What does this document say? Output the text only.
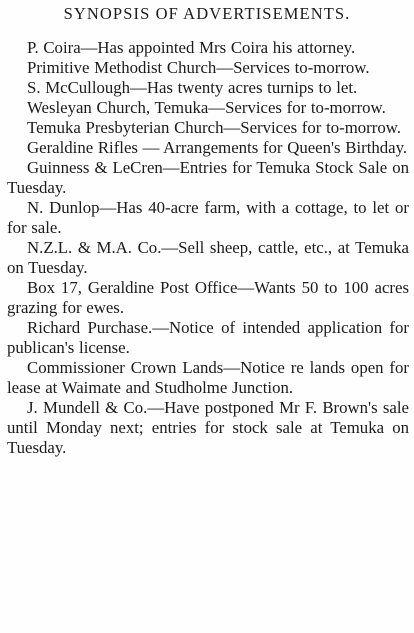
SYNOPSIS OF ADVERTISEMENTS.

P. Coira—Has appointed Mrs Coira his attorney.

Primitive Methodist Church—Services to-morrow.

S. McCullough—Has twenty acres turnips to let.

Wesleyan Church, Temuka—Services for to-morrow.

Temuka Presbyterian Church—Services for to-morrow.

Geraldine Rifles — Arrangements for Queen's Birthday.

Guinness & LeCren—Entries for Temuka Stock Sale on Tuesday.

N. Dunlop—Has 40-acre farm, with a cottage, to let or for sale.

N.Z.L. & M.A. Co.—Sell sheep, cattle, etc., at Temuka on Tuesday.

Box 17, Geraldine Post Office—Wants 50 to 100 acres grazing for ewes.

Richard Purchase.—Notice of intended application for publican's license.

Commissioner Crown Lands—Notice re lands open for lease at Waimate and Studholme Junction.

J. Mundell & Co.—Have postponed Mr F. Brown's sale until Monday next; entries for stock sale at Temuka on Tuesday.
